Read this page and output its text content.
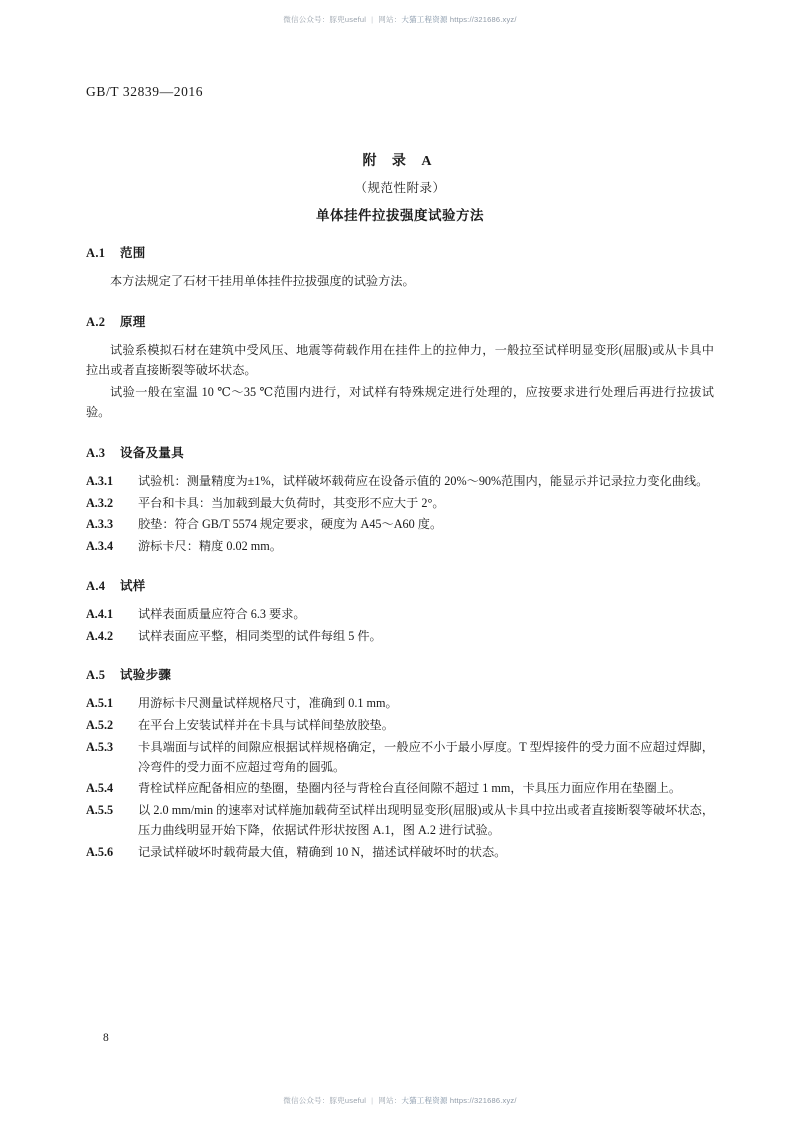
微信公众号：豚兜useful | 网站：大猫工程资源 https://321686.xyz/
GB/T 32839—2016
附 录 A
（规范性附录）
单体挂件拉拔强度试验方法
A.1 范围

本方法规定了石材干挂用单体挂件拉拔强度的试验方法。

A.2 原理

试验系模拟石材在建筑中受风压、地震等荷载作用在挂件上的拉伸力，一般拉至试样明显变形(屈服)或从卡具中拉出或者直接断裂等破坏状态。

试验一般在室温 10 ℃～35 ℃范围内进行，对试样有特殊规定进行处理的，应按要求进行处理后再进行拉拔试验。

A.3 设备及量具

A.3.1 试验机：测量精度为±1%，试样破坏载荷应在设备示值的 20%～90%范围内，能显示并记录拉力变化曲线。

A.3.2 平台和卡具：当加载到最大负荷时，其变形不应大于 2°。

A.3.3 胶垫：符合 GB/T 5574 规定要求，硬度为 A45～A60 度。

A.3.4 游标卡尺：精度 0.02 mm。

A.4 试样

A.4.1 试样表面质量应符合 6.3 要求。

A.4.2 试样表面应平整，相同类型的试件每组 5 件。

A.5 试验步骤

A.5.1 用游标卡尺测量试样规格尺寸，准确到 0.1 mm。

A.5.2 在平台上安装试样并在卡具与试样间垫放胶垫。

A.5.3 卡具端面与试样的间隙应根据试样规格确定，一般应不小于最小厚度。T 型焊接件的受力面不应超过焊脚，冷弯件的受力面不应超过弯角的圆弧。

A.5.4 背栓试样应配备相应的垫圈，垫圈内径与背栓台直径间隙不超过 1 mm，卡具压力面应作用在垫圈上。

A.5.5 以 2.0 mm/min 的速率对试样施加载荷至试样出现明显变形(屈服)或从卡具中拉出或者直接断裂等破坏状态，压力曲线明显开始下降，依据试件形状按图 A.1，图 A.2 进行试验。

A.5.6 记录试样破坏时载荷最大值，精确到 10 N，描述试样破坏时的状态。

8
微信公众号：豚兜useful | 网站：大猫工程资源 https://321686.xyz/
